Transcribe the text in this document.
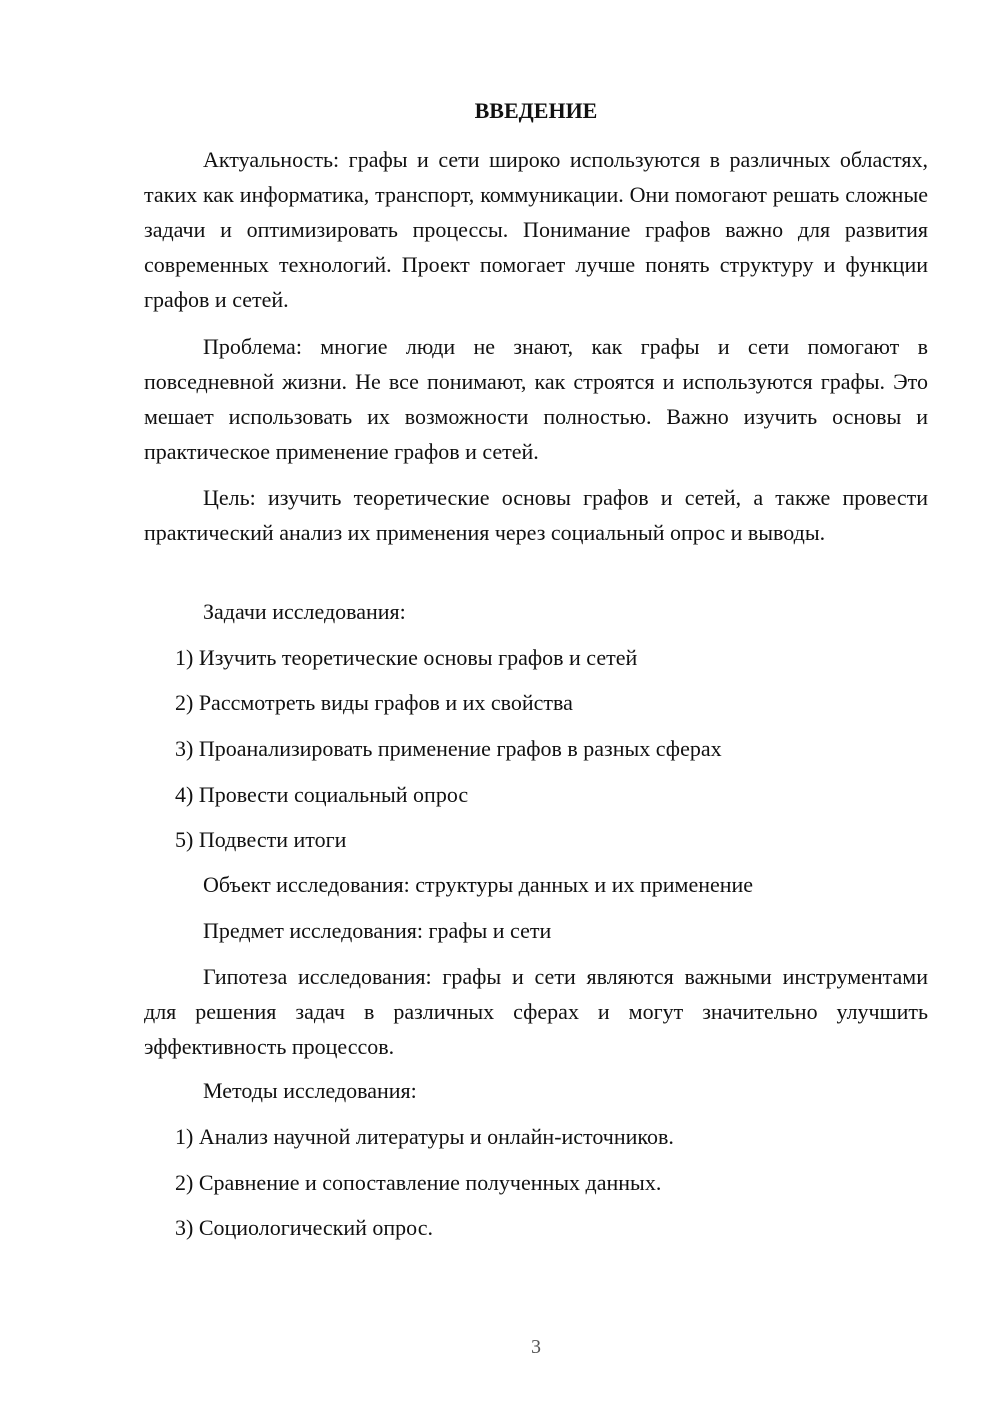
ВВЕДЕНИЕ

Актуальность: графы и сети широко используются в различных областях, таких как информатика, транспорт, коммуникации. Они помогают решать сложные задачи и оптимизировать процессы. Понимание графов важно для развития современных технологий. Проект помогает лучше понять структуру и функции графов и сетей.

Проблема: многие люди не знают, как графы и сети помогают в повседневной жизни. Не все понимают, как строятся и используются графы. Это мешает использовать их возможности полностью. Важно изучить основы и практическое применение графов и сетей.

Цель: изучить теоретические основы графов и сетей, а также провести практический анализ их применения через социальный опрос и выводы.

Задачи исследования:
1) Изучить теоретические основы графов и сетей
2) Рассмотреть виды графов и их свойства
3) Проанализировать применение графов в разных сферах
4) Провести социальный опрос
5) Подвести итоги
Объект исследования: структуры данных и их применение
Предмет исследования: графы и сети

Гипотеза исследования: графы и сети являются важными инструментами для решения задач в различных сферах и могут значительно улучшить эффективность процессов.

Методы исследования:
1) Анализ научной литературы и онлайн-источников.
2) Сравнение и сопоставление полученных данных.
3) Социологический опрос.
3
